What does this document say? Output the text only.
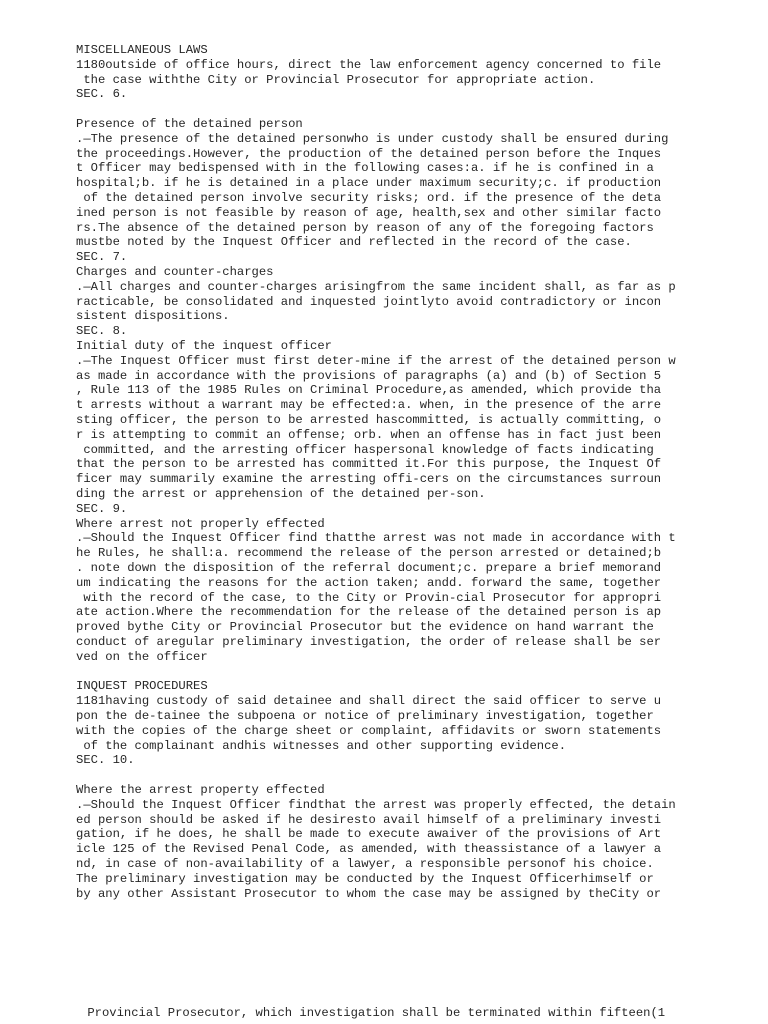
MISCELLANEOUS LAWS

1180outside of office hours, direct the law enforcement agency concerned to file

the case withthe City or Provincial Prosecutor for appropriate action.

SEC. 6.

Presence of the detained person

.—The presence of the detained personwho is under custody shall be ensured during

the proceedings.However, the production of the detained person before the Inques

t Officer may bedispensed with in the following cases:a. if he is confined in a

hospital;b. if he is detained in a place under maximum security;c. if production

of the detained person involve security risks; ord. if the presence of the deta

ined person is not feasible by reason of age, health,sex and other similar facto

rs.The absence of the detained person by reason of any of the foregoing factors

mustbe noted by the Inquest Officer and reflected in the record of the case.

SEC. 7.

Charges and counter-charges

.—All charges and counter-charges arisingfrom the same incident shall, as far as p

racticable, be consolidated and inquested jointlyto avoid contradictory or incon

sistent dispositions.

SEC. 8.

Initial duty of the inquest officer

.—The Inquest Officer must first deter-mine if the arrest of the detained person w

as made in accordance with the provisions of paragraphs (a) and (b) of Section 5

, Rule 113 of the 1985 Rules on Criminal Procedure,as amended, which provide tha

t arrests without a warrant may be effected:a. when, in the presence of the arre

sting officer, the person to be arrested hascommitted, is actually committing, o

r is attempting to commit an offense; orb. when an offense has in fact just been

committed, and the arresting officer haspersonal knowledge of facts indicating

that the person to be arrested has committed it.For this purpose, the Inquest Of

ficer may summarily examine the arresting offi-cers on the circumstances surroun

ding the arrest or apprehension of the detained per-son.

SEC. 9.

Where arrest not properly effected

.—Should the Inquest Officer find thatthe arrest was not made in accordance with t

he Rules, he shall:a. recommend the release of the person arrested or detained;b

. note down the disposition of the referral document;c. prepare a brief memorand

um indicating the reasons for the action taken; andd. forward the same, together

with the record of the case, to the City or Provin-cial Prosecutor for appropri

ate action.Where the recommendation for the release of the detained person is ap

proved bythe City or Provincial Prosecutor but the evidence on hand warrant the

conduct of aregular preliminary investigation, the order of release shall be ser

ved on the officer

INQUEST PROCEDURES

1181having custody of said detainee and shall direct the said officer to serve u

pon the de-tainee the subpoena or notice of preliminary investigation, together

with the copies of the charge sheet or complaint, affidavits or sworn statements

of the complainant andhis witnesses and other supporting evidence.

SEC. 10.

Where the arrest property effected

.—Should the Inquest Officer findthat the arrest was properly effected, the detain

ed person should be asked if he desiresto avail himself of a preliminary investi

gation, if he does, he shall be made to execute awaiver of the provisions of Art

icle 125 of the Revised Penal Code, as amended, with theassistance of a lawyer a

nd, in case of non-availability of a lawyer, a responsible personof his choice.

The preliminary investigation may be conducted by the Inquest Officerhimself or

by any other Assistant Prosecutor to whom the case may be assigned by theCity or

Provincial Prosecutor, which investigation shall be terminated within fifteen(1
